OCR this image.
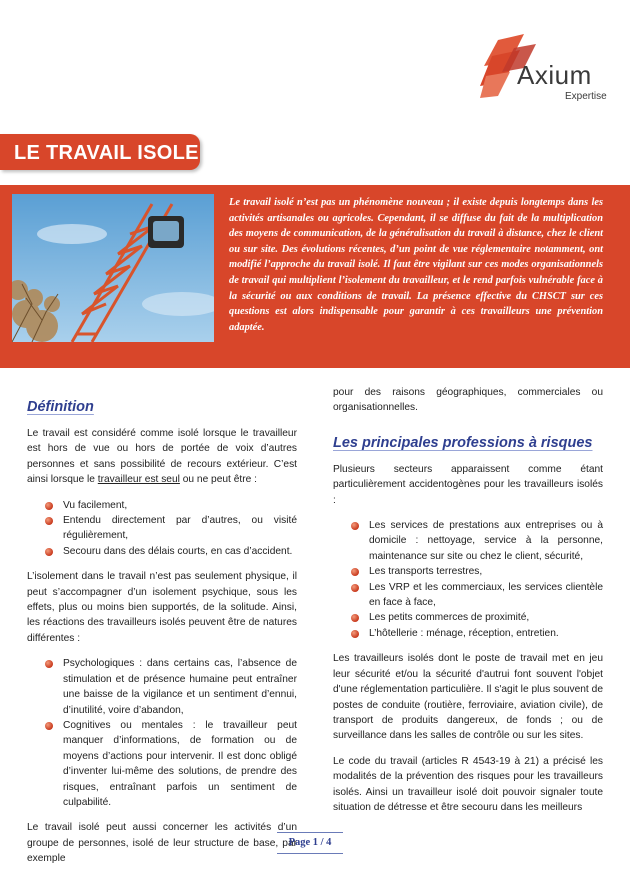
Axium
Expertise
LE TRAVAIL ISOLE
Le travail isolé n’est pas un phénomène nouveau ; il existe depuis longtemps dans les activités artisanales ou agricoles. Cependant, il se diffuse du fait de la multiplication des moyens de communication, de la généralisation du travail à distance, chez le client ou sur site. Des évolutions récentes, d’un point de vue réglementaire notamment, ont modifié l’approche du travail isolé. Il faut être vigilant sur ces modes organisationnels de travail qui multiplient l’isolement du travailleur, et le rend parfois vulnérable face à la sécurité ou aux conditions de travail. La présence effective du CHSCT sur ces questions est alors indispensable pour garantir à ces travailleurs une prévention adaptée.
Définition

Le travail est considéré comme isolé lorsque le travailleur est hors de vue ou hors de portée de voix d’autres personnes et sans possibilité de recours extérieur. C’est ainsi lorsque le travailleur est seul ou ne peut être :

Vu facilement,
Entendu directement par d’autres, ou visité régulièrement,
Secouru dans des délais courts, en cas d’accident.

L’isolement dans le travail n’est pas seulement physique, il peut s’accompagner d’un isolement psychique, sous les effets, plus ou moins bien supportés, de la solitude. Ainsi, les réactions des travailleurs isolés peuvent être de natures différentes :

Psychologiques : dans certains cas, l’absence de stimulation et de présence humaine peut entraîner une baisse de la vigilance et un sentiment d’ennui, d’inutilité, voire d’abandon,
Cognitives ou mentales : le travailleur peut manquer d’informations, de formation ou de moyens d’actions pour intervenir. Il est donc obligé d’inventer lui-même des solutions, de prendre des risques, entraînant parfois un sentiment de culpabilité.

Le travail isolé peut aussi concerner les activités d’un groupe de personnes, isolé de leur structure de base, par exemple

pour des raisons géographiques, commerciales ou organisationnelles.

Les principales professions à risques

Plusieurs secteurs apparaissent comme étant particulièrement accidentogènes pour les travailleurs isolés :

Les services de prestations aux entreprises ou à domicile : nettoyage, service à la personne, maintenance sur site ou chez le client, sécurité,
Les transports terrestres,
Les VRP et les commerciaux, les services clientèle en face à face,
Les petits commerces de proximité,
L’hôtellerie : ménage, réception, entretien.

Les travailleurs isolés dont le poste de travail met en jeu leur sécurité et/ou la sécurité d'autrui font souvent l'objet d'une réglementation particulière. Il s'agit le plus souvent de postes de conduite (routière, ferroviaire, aviation civile), de transport de produits dangereux, de fonds ; ou de surveillance dans les salles de contrôle ou sur les sites.

Le code du travail (articles R 4543-19 à 21) a précisé les modalités de la prévention des risques pour les travailleurs isolés. Ainsi un travailleur isolé doit pouvoir signaler toute situation de détresse et être secouru dans les meilleurs

Page 1 / 4
